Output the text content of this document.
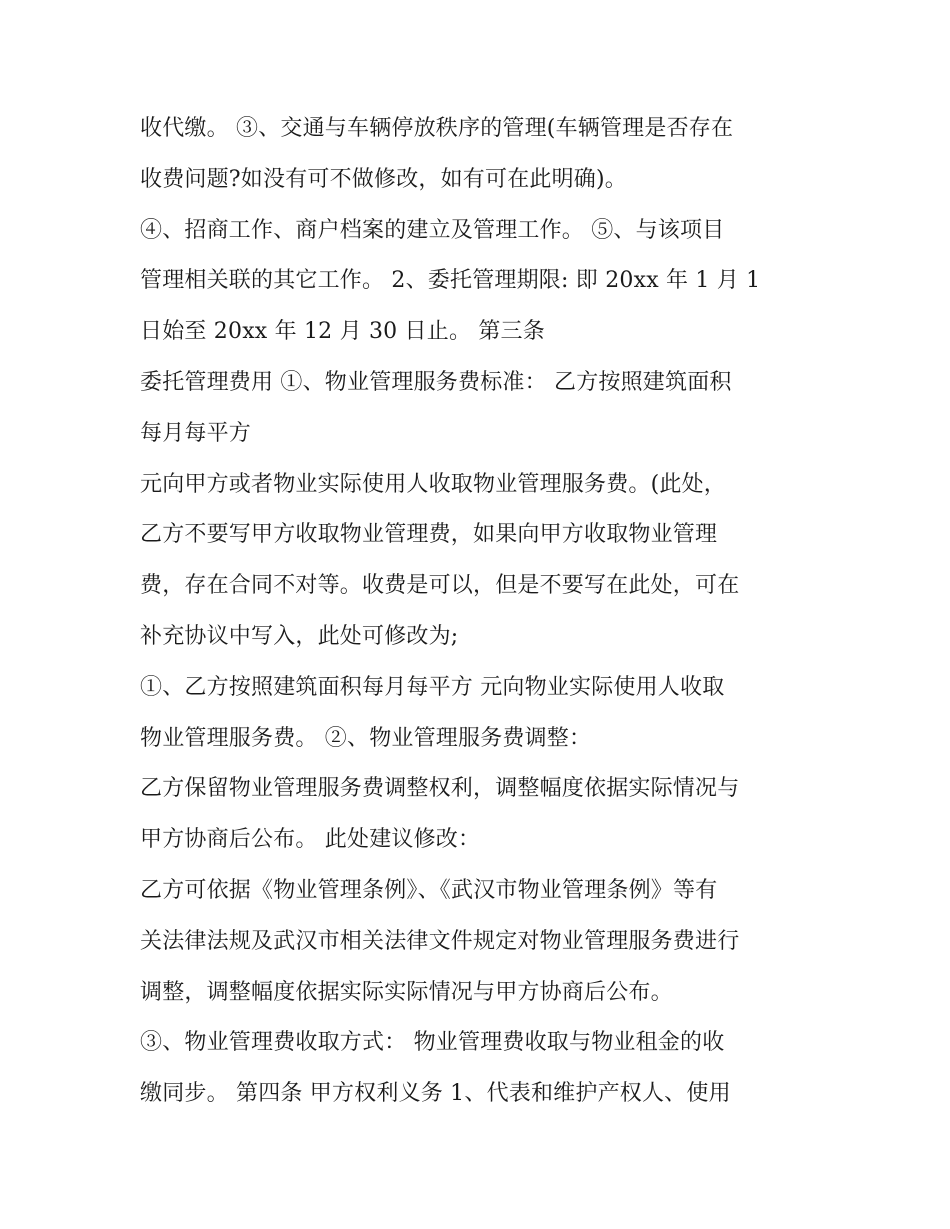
收代缴。 ③、交通与车辆停放秩序的管理(车辆管理是否存在
收费问题?如没有可不做修改，如有可在此明确)。
④、招商工作、商户档案的建立及管理工作。 ⑤、与该项目
管理相关联的其它工作。 2、委托管理期限: 即 20xx 年 1 月 1
日始至 20xx 年 12 月 30 日止。 第三条
委托管理费用 ①、物业管理服务费标准： 乙方按照建筑面积
每月每平方
元向甲方或者物业实际使用人收取物业管理服务费。(此处，
乙方不要写甲方收取物业管理费，如果向甲方收取物业管理
费，存在合同不对等。收费是可以，但是不要写在此处，可在
补充协议中写入，此处可修改为;
①、乙方按照建筑面积每月每平方 元向物业实际使用人收取
物业管理服务费。 ②、物业管理服务费调整：
乙方保留物业管理服务费调整权利，调整幅度依据实际情况与
甲方协商后公布。 此处建议修改：
乙方可依据《物业管理条例》、《武汉市物业管理条例》等有
关法律法规及武汉市相关法律文件规定对物业管理服务费进行
调整，调整幅度依据实际实际情况与甲方协商后公布。
③、物业管理费收取方式： 物业管理费收取与物业租金的收
缴同步。 第四条 甲方权利义务 1、代表和维护产权人、使用
